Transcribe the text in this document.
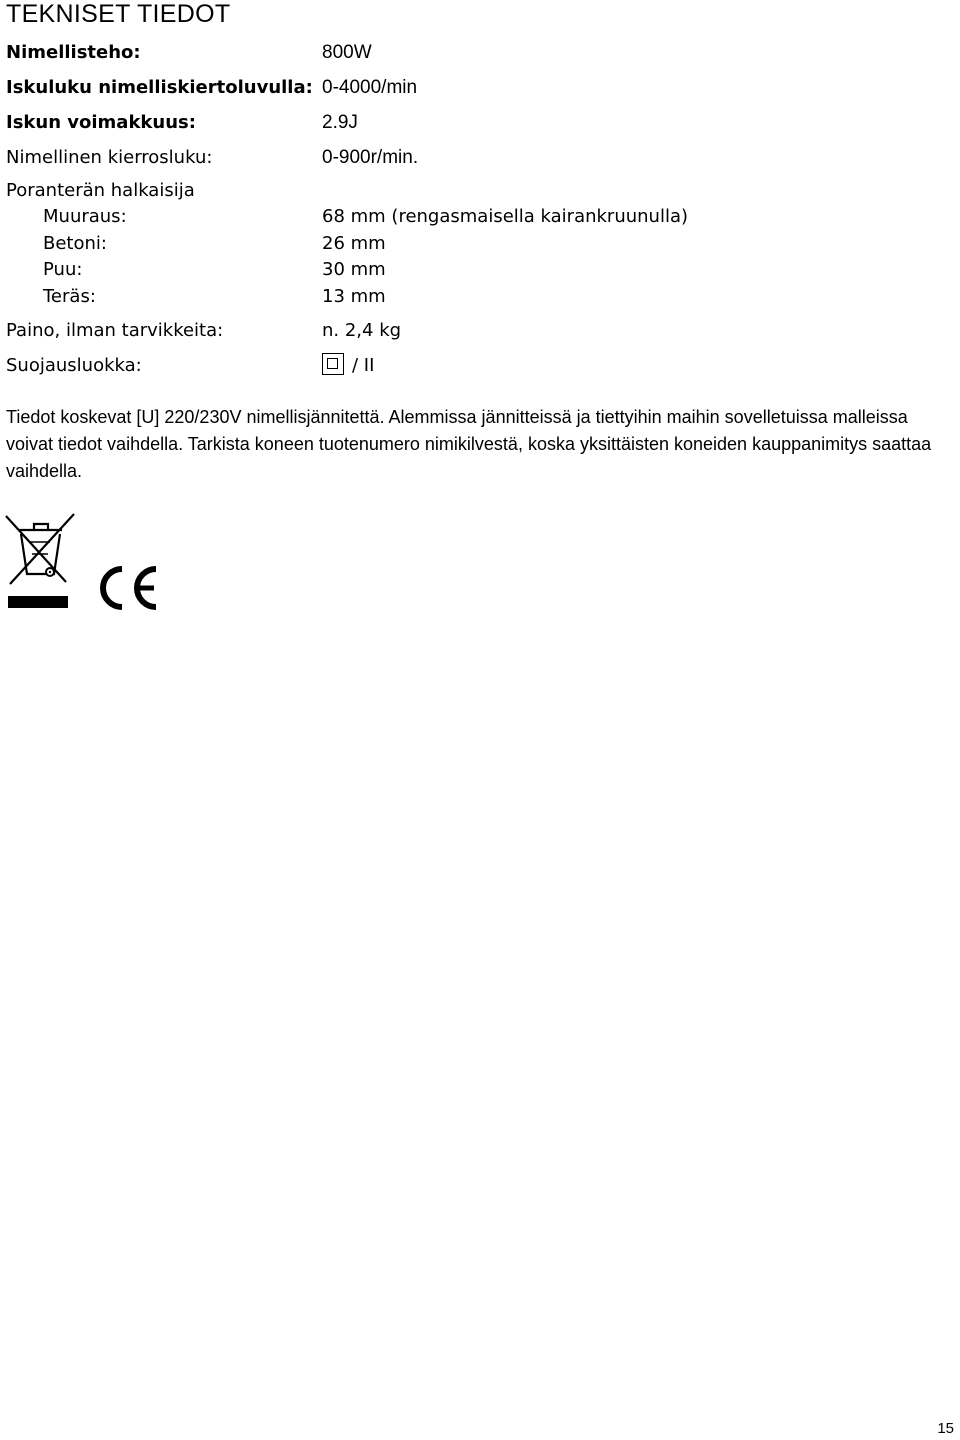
TEKNISET TIEDOT
Nimellisteho:	800W
Iskuluku nimelliskiertoluvulla: 0-4000/min
Iskun voimakkuus:	2.9J
Nimellinen kierrosluku:	0-900r/min.
Poranterän halkaisija
Muuraus:	68 mm (rengasmaisella kairankruunulla)
Betoni:	26 mm
Puu:	30 mm
Teräs:	13 mm
Paino, ilman tarvikkeita:	n. 2,4 kg
Suojausluokka:	/ II
Tiedot koskevat [U] 220/230V nimellisjännitettä. Alemmissa jännitteissä ja tiettyihin maihin sovelletuissa malleissa voivat tiedot vaihdella. Tarkista koneen tuotenumero nimikilvestä, koska yksittäisten koneiden kauppanimitys saattaa vaihdella.
15
